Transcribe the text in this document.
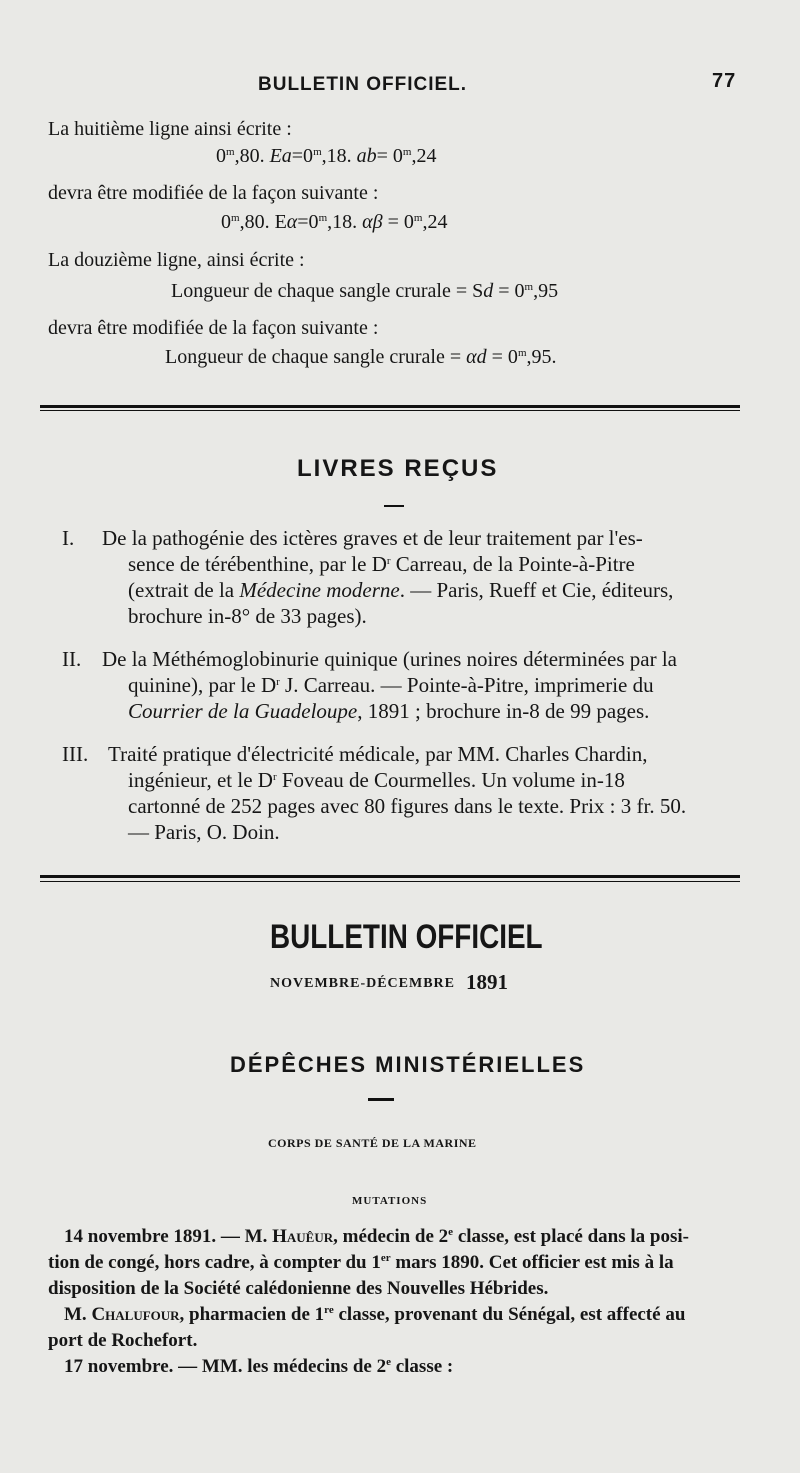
BULLETIN OFFICIEL.	77
La huitième ligne ainsi écrite :
0$^m$,80. $Ea=0^m,18$. $ab= 0^m,24$
devra être modifiée de la façon suivante :
0$^m$,80. $E\alpha=0^m,18$. $\alpha\beta = 0^m,24$
La douzième ligne, ainsi écrite :
Longueur de chaque sangle crurale = $Sd = 0^m,95$
devra être modifiée de la façon suivante :
Longueur de chaque sangle crurale = $\alpha d = 0^m,95$.
LIVRES REÇUS
I. De la pathogénie des ictères graves et de leur traitement par l'es-
sence de térébenthine, par le $D^r$ Carreau, de la Pointe-à-Pitre
(extrait de la Médecine moderne. — Paris, Rueff et Cie, éditeurs,
brochure in-8° de 33 pages).
II. De la Méthémoglobinurie quinique (urines noires déterminées par la
quinine), par le $D^r$ J. Carreau. — Pointe-à-Pitre, imprimerie du
Courrier de la Guadeloupe, 1891 ; brochure in-8 de 99 pages.
III. Traité pratique d'électricité médicale, par MM. Charles Chardin,
ingénieur, et le $D^r$ Foveau de Courmelles. Un volume in-18
cartonné de 252 pages avec 80 figures dans le texte. Prix : 3 fr. 50.
— Paris, O. Doin.
BULLETIN OFFICIEL
NOVEMBRE-DÉCEMBRE 1891
DÉPÊCHES MINISTÉRIELLES
CORPS DE SANTÉ DE LA MARINE
MUTATIONS
14 novembre 1891. — M. Hauêur, médecin de 2e classe, est placé dans la posi-
tion de congé, hors cadre, à compter du 1er mars 1890. Cet officier est mis à la
disposition de la Société calédonienne des Nouvelles Hébrides.
M. Chalufour, pharmacien de 1re classe, provenant du Sénégal, est affecté au
port de Rochefort.
17 novembre. — MM. les médecins de 2e classe :
